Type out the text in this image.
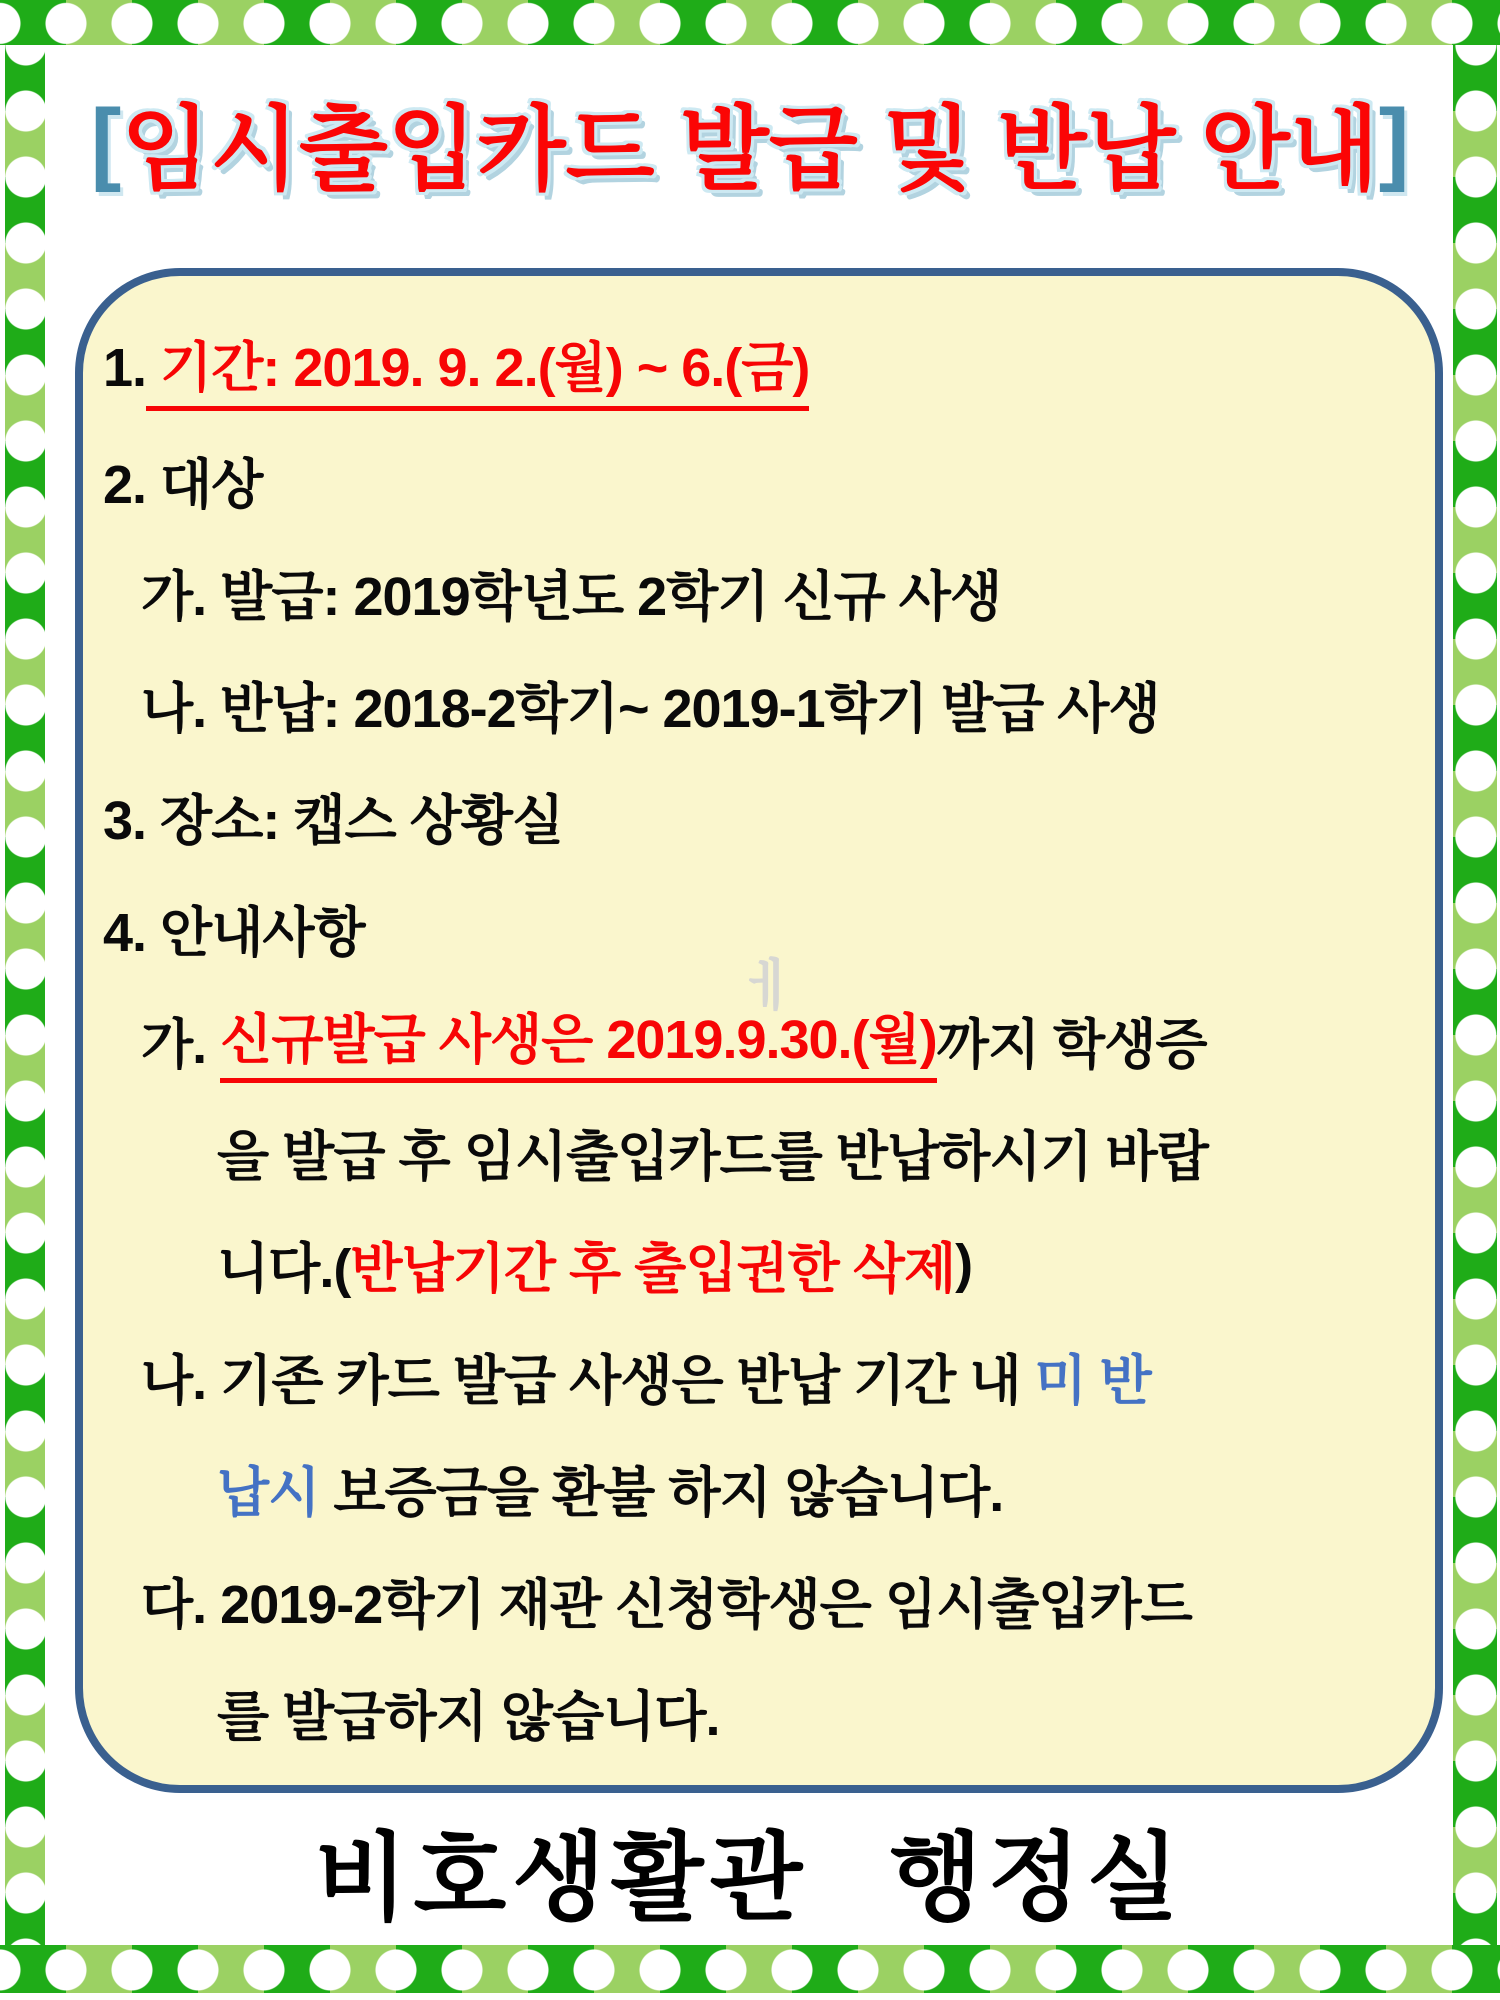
[ 임시출입카드 발급 및 반납 안내 ]
1. 기간: 2019. 9. 2.(월) ~ 6.(금)
2. 대상
가. 발급: 2019학년도 2학기 신규 사생
나. 반납: 2018-2학기~ 2019-1학기 발급 사생
3. 장소: 캡스 상황실
4. 안내사항
가. 신규발급 사생은 2019.9.30.(월) 까지 학생증
을 발급 후 임시출입카드를 반납하시기 바랍
니다.( 반납기간 후 출입권한 삭제 )
나. 기존 카드 발급 사생은 반납 기간 내 미 반
납시 보증금을 환불 하지 않습니다.
다. 2019-2학기 재관 신청학생은 임시출입카드
를 발급하지 않습니다.
ㅔ
비호생활관 행정실
